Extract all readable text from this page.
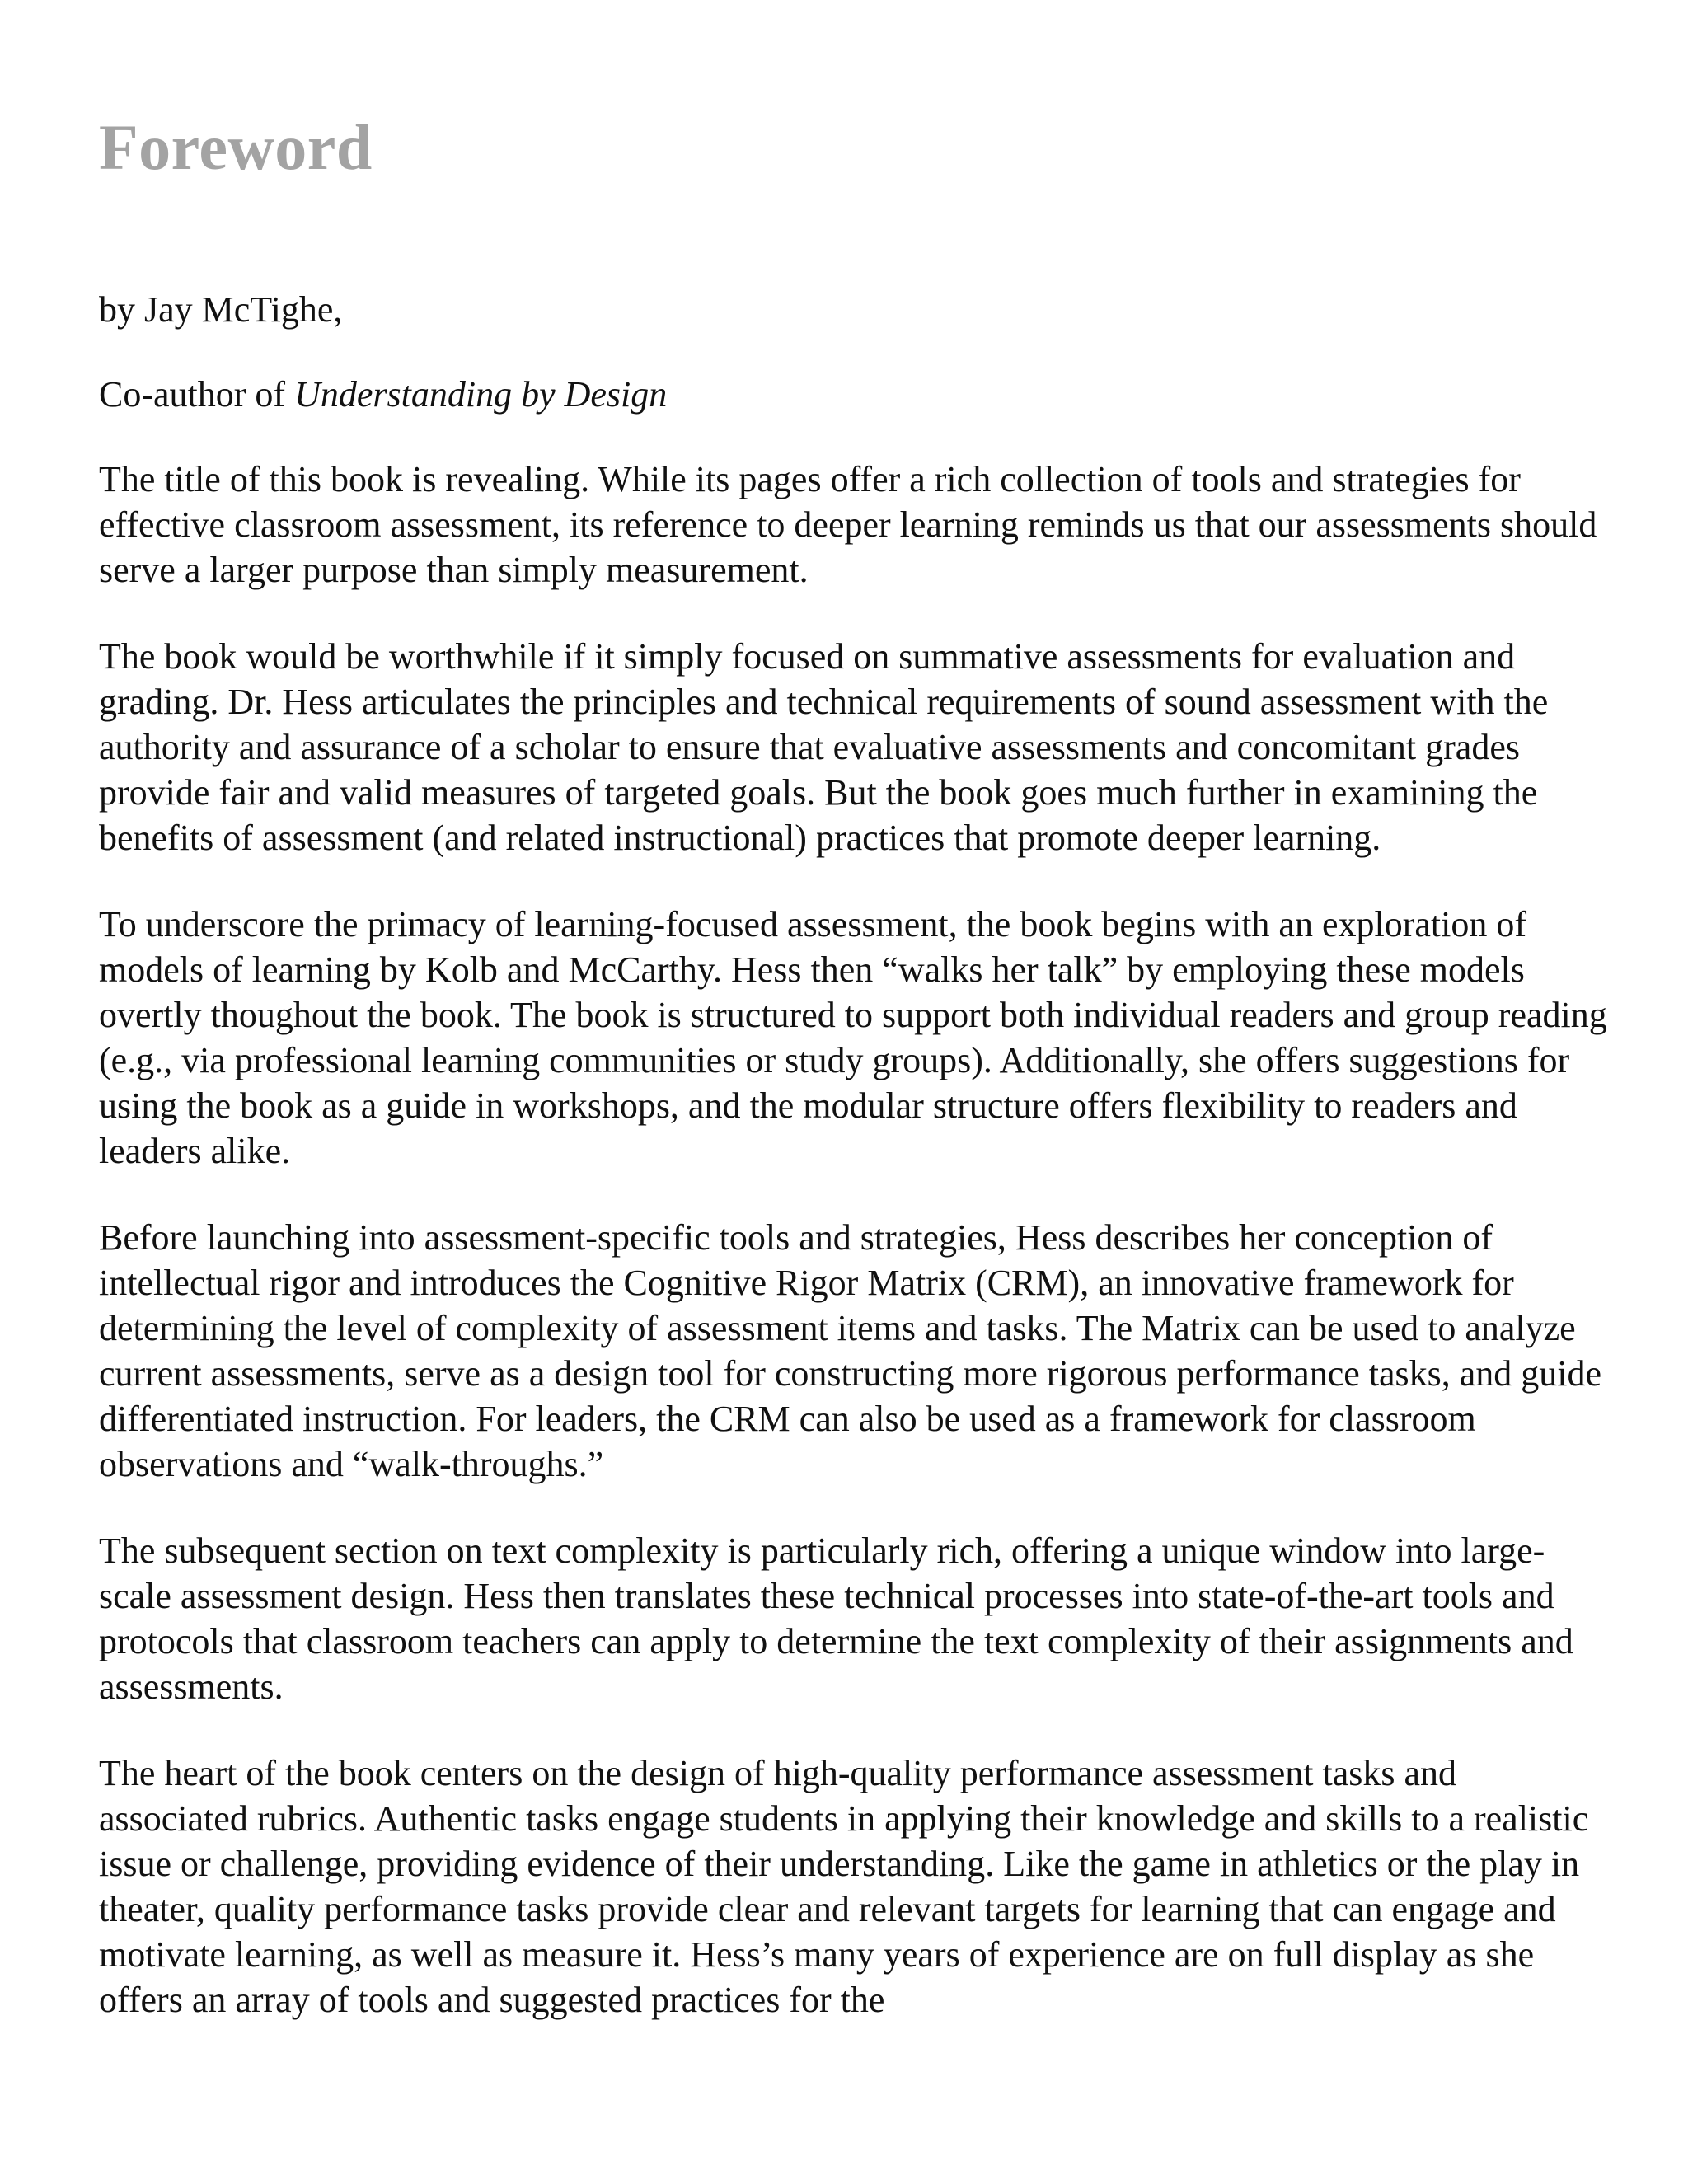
Foreword

by Jay McTighe,

Co-author of Understanding by Design

The title of this book is revealing. While its pages offer a rich collection of tools and strategies for effective classroom assessment, its reference to deeper learning reminds us that our assessments should serve a larger purpose than simply measurement.

The book would be worthwhile if it simply focused on summative assessments for evaluation and grading. Dr. Hess articulates the principles and technical requirements of sound assessment with the authority and assurance of a scholar to ensure that evaluative assessments and concomitant grades provide fair and valid measures of targeted goals. But the book goes much further in examining the benefits of assessment (and related instructional) practices that promote deeper learning.

To underscore the primacy of learning-focused assessment, the book begins with an exploration of models of learning by Kolb and McCarthy. Hess then “walks her talk” by employing these models overtly thoughout the book. The book is structured to support both individual readers and group reading (e.g., via professional learning communities or study groups). Additionally, she offers suggestions for using the book as a guide in workshops, and the modular structure offers flexibility to readers and leaders alike.

Before launching into assessment-specific tools and strategies, Hess describes her conception of intellectual rigor and introduces the Cognitive Rigor Matrix (CRM), an innovative framework for determining the level of complexity of assessment items and tasks. The Matrix can be used to analyze current assessments, serve as a design tool for constructing more rigorous performance tasks, and guide differentiated instruction. For leaders, the CRM can also be used as a framework for classroom observations and “walk-throughs.”

The subsequent section on text complexity is particularly rich, offering a unique window into large-scale assessment design. Hess then translates these technical processes into state-of-the-art tools and protocols that classroom teachers can apply to determine the text complexity of their assignments and assessments.

The heart of the book centers on the design of high-quality performance assessment tasks and associated rubrics. Authentic tasks engage students in applying their knowledge and skills to a realistic issue or challenge, providing evidence of their understanding. Like the game in athletics or the play in theater, quality performance tasks provide clear and relevant targets for learning that can engage and motivate learning, as well as measure it. Hess’s many years of experience are on full display as she offers an array of tools and suggested practices for the
